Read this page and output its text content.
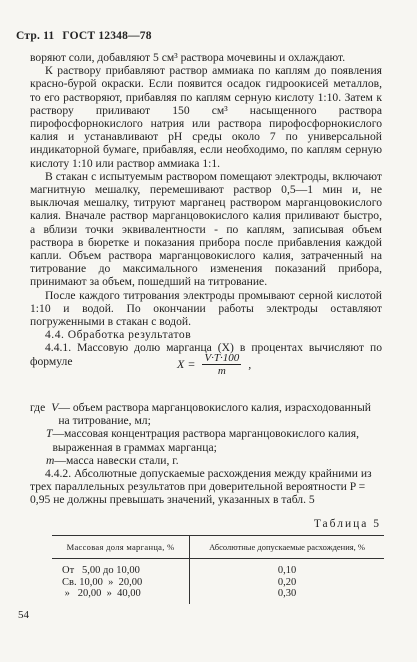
Стр. 11 ГОСТ 12348—78

воряют соли, добавляют 5 см³ раствора мочевины и охлаждают.

К раствору прибавляют раствор аммиака по каплям до появления красно-бурой окраски. Если появится осадок гидроокисей металлов, то его растворяют, прибавляя по каплям серную кислоту 1:10. Затем к раствору приливают 150 см³ насыщенного раствора пирофосфорнокислого натрия или раствора пирофосфорнокислого калия и устанавливают pH среды около 7 по универсальной индикаторной бумаге, прибавляя, если необходимо, по каплям серную кислоту 1:10 или раствор аммиака 1:1.

В стакан с испытуемым раствором помещают электроды, включают магнитную мешалку, перемешивают раствор 0,5—1 мин и, не выключая мешалку, титруют марганец раствором марганцовокислого калия. Вначале раствор марганцовокислого калия приливают быстро, а вблизи точки эквивалентности - по каплям, записывая объем раствора в бюретке и показания прибора после прибавления каждой капли. Объем раствора марганцовокислого калия, затраченный на титрование до максимального изменения показаний прибора, принимают за объем, пошедший на титрование.

После каждого титрования электроды промывают серной кислотой 1:10 и водой. По окончании работы электроды оставляют погруженными в стакан с водой.

4.4. Обработка результатов

4.4.1. Массовую долю марганца (X) в процентах вычисляют по формуле	$X = \frac{V\cdot T\cdot 100}{m}$ ,
где V — объем раствора марганцовокислого калия, израсходованный на титрование, мл;
T —массовая концентрация раствора марганцовокислого калия, выраженная в граммах марганца;
m —масса навески стали, г.

4.4.2. Абсолютные допускаемые расхождения между крайними из трех параллельных результатов при доверительной вероятности P = 0,95 не должны превышать значений, указанных в табл. 5

Таблица 5
Массовая доля марганца, %	Абсолютные допускаемые расхождения, %
От   5,00 до 10,00	0,10
Св. 10,00  »  20,00	0,20
»   20,00  »  40,00	0,30
54
